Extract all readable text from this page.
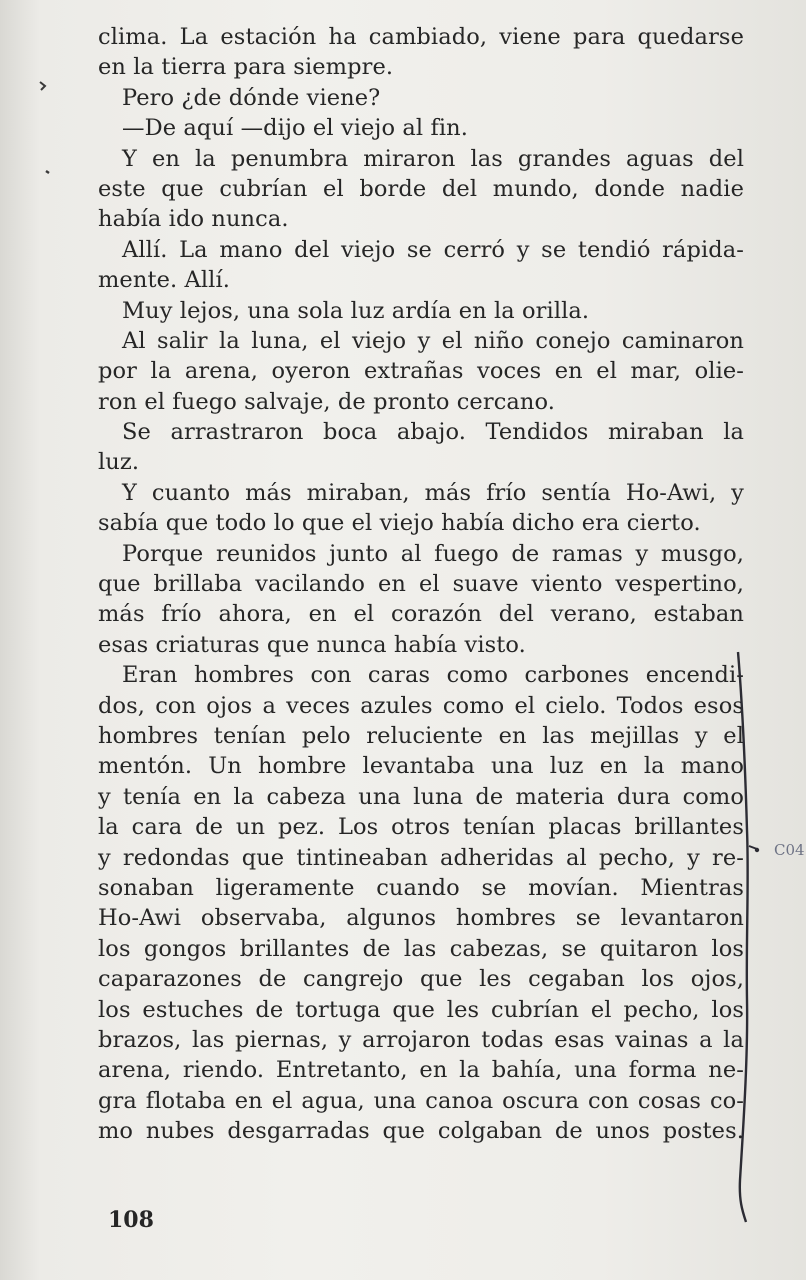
clima. La estación ha cambiado, viene para quedarse
en la tierra para siempre.
Pero ¿de dónde viene?
—De aquí —dijo el viejo al fin.
Y en la penumbra miraron las grandes aguas del
este que cubrían el borde del mundo, donde nadie
había ido nunca.
Allí. La mano del viejo se cerró y se tendió rápida-
mente. Allí.
Muy lejos, una sola luz ardía en la orilla.
Al salir la luna, el viejo y el niño conejo caminaron
por la arena, oyeron extrañas voces en el mar, olie-
ron el fuego salvaje, de pronto cercano.
Se arrastraron boca abajo. Tendidos miraban la
luz.
Y cuanto más miraban, más frío sentía Ho-Awi, y
sabía que todo lo que el viejo había dicho era cierto.
Porque reunidos junto al fuego de ramas y musgo,
que brillaba vacilando en el suave viento vespertino,
más frío ahora, en el corazón del verano, estaban
esas criaturas que nunca había visto.
Eran hombres con caras como carbones encendi-
dos, con ojos a veces azules como el cielo. Todos esos
hombres tenían pelo reluciente en las mejillas y el
mentón. Un hombre levantaba una luz en la mano
y tenía en la cabeza una luna de materia dura como
la cara de un pez. Los otros tenían placas brillantes
y redondas que tintineaban adheridas al pecho, y re-
sonaban ligeramente cuando se movían. Mientras
Ho-Awi observaba, algunos hombres se levantaron
los gongos brillantes de las cabezas, se quitaron los
caparazones de cangrejo que les cegaban los ojos,
los estuches de tortuga que les cubrían el pecho, los
brazos, las piernas, y arrojaron todas esas vainas a la
arena, riendo. Entretanto, en la bahía, una forma ne-
gra flotaba en el agua, una canoa oscura con cosas co-
mo nubes desgarradas que colgaban de unos postes.
108
C04
